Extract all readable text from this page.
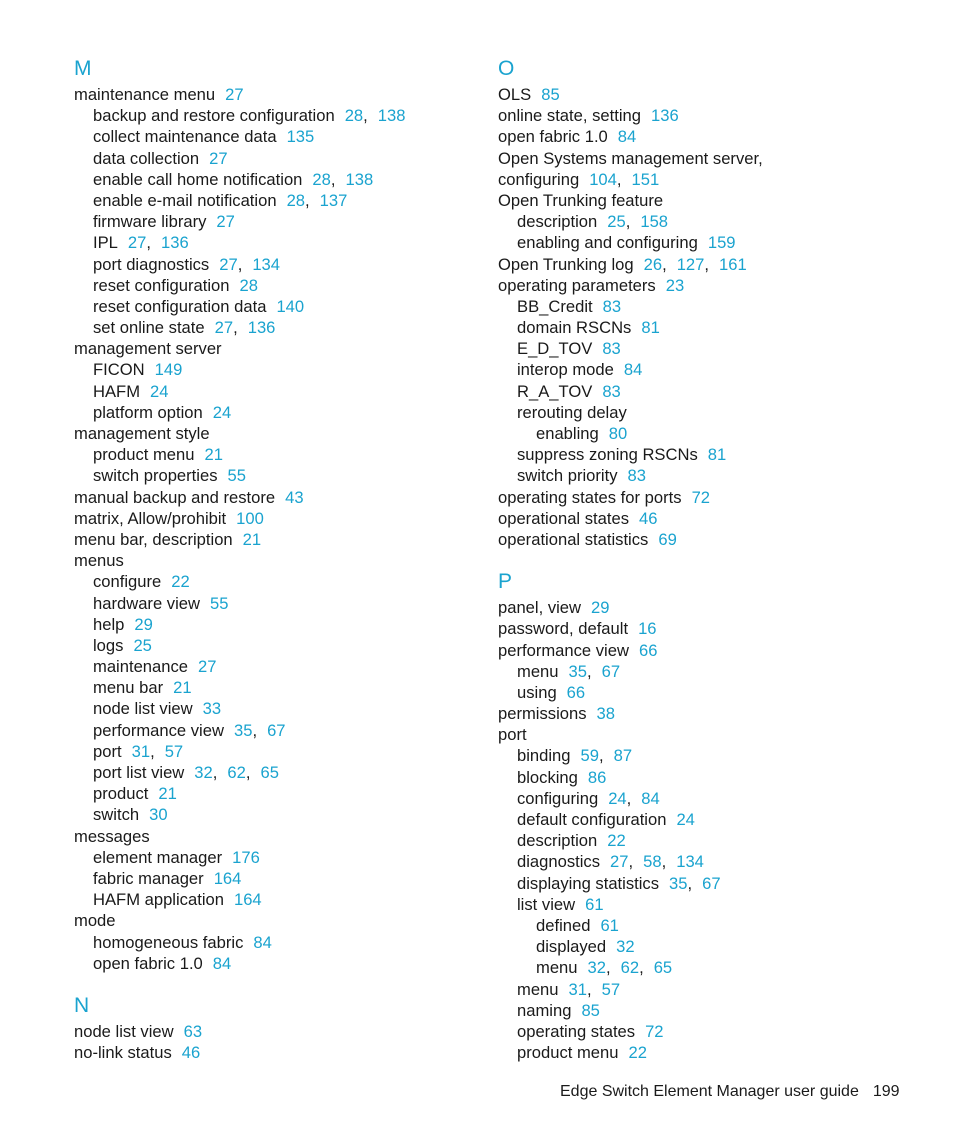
M
maintenance menu 27
backup and restore configuration 28, 138
collect maintenance data 135
data collection 27
enable call home notification 28, 138
enable e-mail notification 28, 137
firmware library 27
IPL 27, 136
port diagnostics 27, 134
reset configuration 28
reset configuration data 140
set online state 27, 136
management server
FICON 149
HAFM 24
platform option 24
management style
product menu 21
switch properties 55
manual backup and restore 43
matrix, Allow/prohibit 100
menu bar, description 21
menus
configure 22
hardware view 55
help 29
logs 25
maintenance 27
menu bar 21
node list view 33
performance view 35, 67
port 31, 57
port list view 32, 62, 65
product 21
switch 30
messages
element manager 176
fabric manager 164
HAFM application 164
mode
homogeneous fabric 84
open fabric 1.0 84
N
node list view 63
no-link status 46
O
OLS 85
online state, setting 136
open fabric 1.0 84
Open Systems management server, configuring 104, 151
Open Trunking feature
description 25, 158
enabling and configuring 159
Open Trunking log 26, 127, 161
operating parameters 23
BB_Credit 83
domain RSCNs 81
E_D_TOV 83
interop mode 84
R_A_TOV 83
rerouting delay
enabling 80
suppress zoning RSCNs 81
switch priority 83
operating states for ports 72
operational states 46
operational statistics 69
P
panel, view 29
password, default 16
performance view 66
menu 35, 67
using 66
permissions 38
port
binding 59, 87
blocking 86
configuring 24, 84
default configuration 24
description 22
diagnostics 27, 58, 134
displaying statistics 35, 67
list view 61
defined 61
displayed 32
menu 32, 62, 65
menu 31, 57
naming 85
operating states 72
product menu 22
Edge Switch Element Manager user guide 199
